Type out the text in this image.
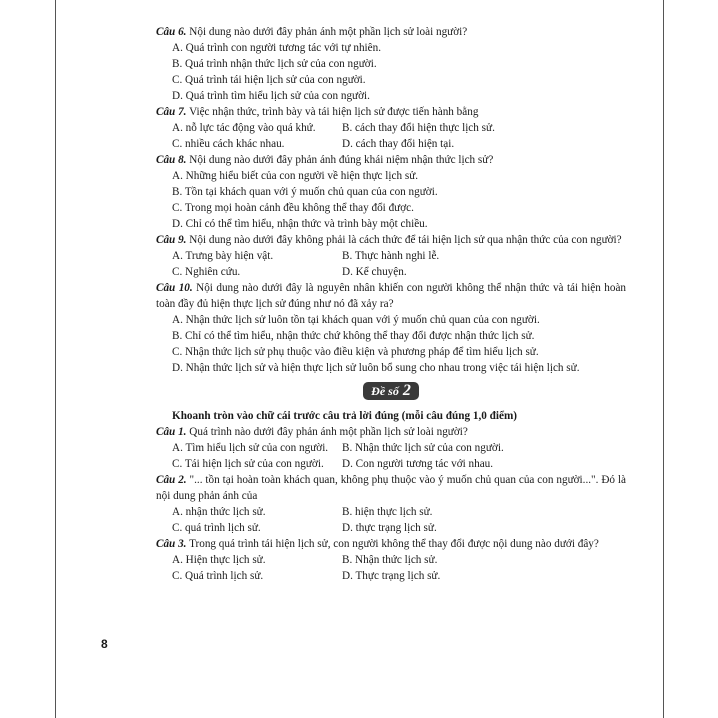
Câu 6. Nội dung nào dưới đây phản ánh một phần lịch sử loài người?
A. Quá trình con người tương tác với tự nhiên.
B. Quá trình nhận thức lịch sử của con người.
C. Quá trình tái hiện lịch sử của con người.
D. Quá trình tìm hiểu lịch sử của con người.
Câu 7. Việc nhận thức, trình bày và tái hiện lịch sử được tiến hành bằng
A. nỗ lực tác động vào quá khứ.	B. cách thay đổi hiện thực lịch sử.
C. nhiều cách khác nhau.	D. cách thay đổi hiện tại.
Câu 8. Nội dung nào dưới đây phản ánh đúng khái niệm nhận thức lịch sử?
A. Những hiểu biết của con người về hiện thực lịch sử.
B. Tồn tại khách quan với ý muốn chủ quan của con người.
C. Trong mọi hoàn cảnh đều không thể thay đổi được.
D. Chỉ có thể tìm hiểu, nhận thức và trình bày một chiều.
Câu 9. Nội dung nào dưới đây không phải là cách thức để tái hiện lịch sử qua nhận thức của con người?
A. Trưng bày hiện vật.	B. Thực hành nghi lễ.
C. Nghiên cứu.	D. Kể chuyện.
Câu 10. Nội dung nào dưới đây là nguyên nhân khiến con người không thể nhận thức và tái hiện hoàn toàn đầy đủ hiện thực lịch sử đúng như nó đã xảy ra?
A. Nhận thức lịch sử luôn tồn tại khách quan với ý muốn chủ quan của con người.
B. Chỉ có thể tìm hiểu, nhận thức chứ không thể thay đổi được nhận thức lịch sử.
C. Nhận thức lịch sử phụ thuộc vào điều kiện và phương pháp để tìm hiểu lịch sử.
D. Nhận thức lịch sử và hiện thực lịch sử luôn bổ sung cho nhau trong việc tái hiện lịch sử.
Đề số 2
Khoanh tròn vào chữ cái trước câu trả lời đúng (mỗi câu đúng 1,0 điểm)
Câu 1. Quá trình nào dưới đây phản ánh một phần lịch sử loài người?
A. Tìm hiểu lịch sử của con người.	B. Nhận thức lịch sử của con người.
C. Tái hiện lịch sử của con người.	D. Con người tương tác với nhau.
Câu 2. "... tồn tại hoàn toàn khách quan, không phụ thuộc vào ý muốn chủ quan của con người...". Đó là nội dung phản ánh của
A. nhận thức lịch sử.	B. hiện thực lịch sử.
C. quá trình lịch sử.	D. thực trạng lịch sử.
Câu 3. Trong quá trình tái hiện lịch sử, con người không thể thay đổi được nội dung nào dưới đây?
A. Hiện thực lịch sử.	B. Nhận thức lịch sử.
C. Quá trình lịch sử.	D. Thực trạng lịch sử.
8
